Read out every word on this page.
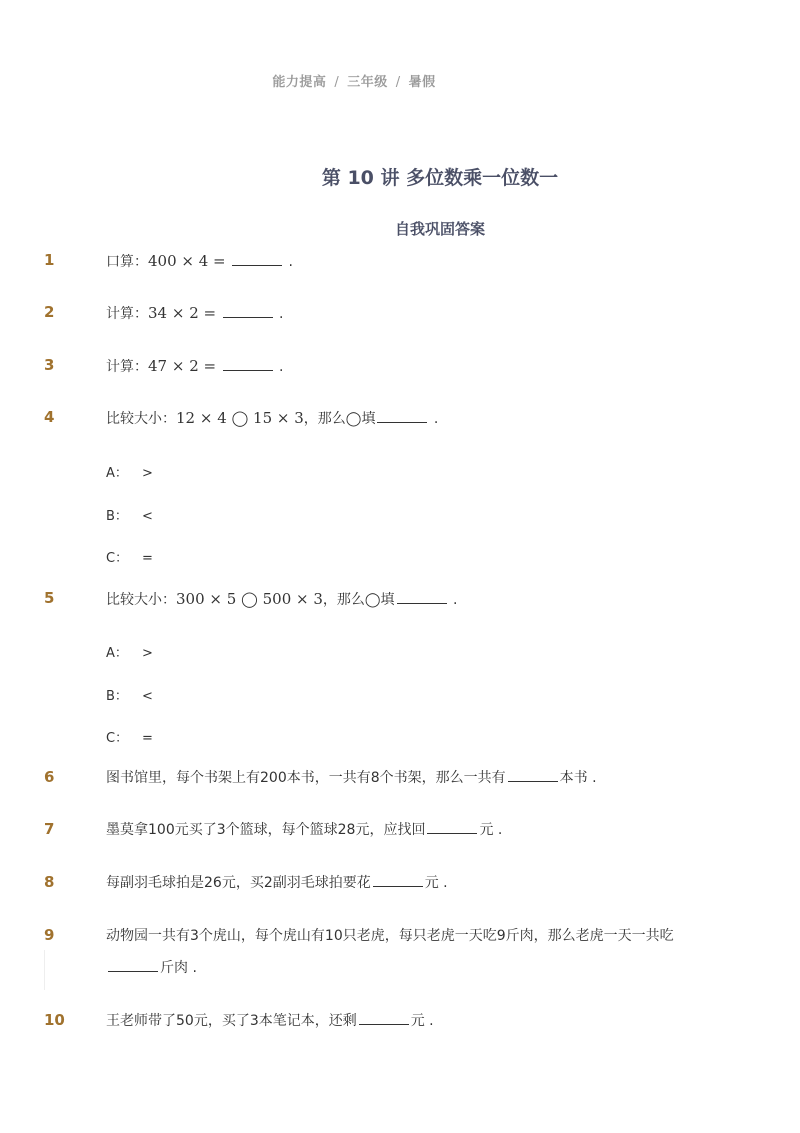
能力提高 / 三年级 / 暑假
第 10 讲 多位数乘一位数一
自我巩固答案
1	口算：400 × 4 =	.
2	计算：34 × 2 =	.
3	计算：47 × 2 =	.
4	比较大小：12 × 4 ◯ 15 × 3，那么◯填	.
A： >
B： <
C： =
5	比较大小：300 × 5 ◯ 500 × 3，那么◯填	.
A： >
B： <
C： =
6	图书馆里，每个书架上有200本书，一共有8个书架，那么一共有	本书 .
7	墨莫拿100元买了3个篮球，每个篮球28元，应找回	元 .
8	每副羽毛球拍是26元，买2副羽毛球拍要花	元 .
9	动物园一共有3个虎山，每个虎山有10只老虎，每只老虎一天吃9斤肉，那么老虎一天一共吃
斤肉 .
10	王老师带了50元，买了3本笔记本，还剩	元 .
